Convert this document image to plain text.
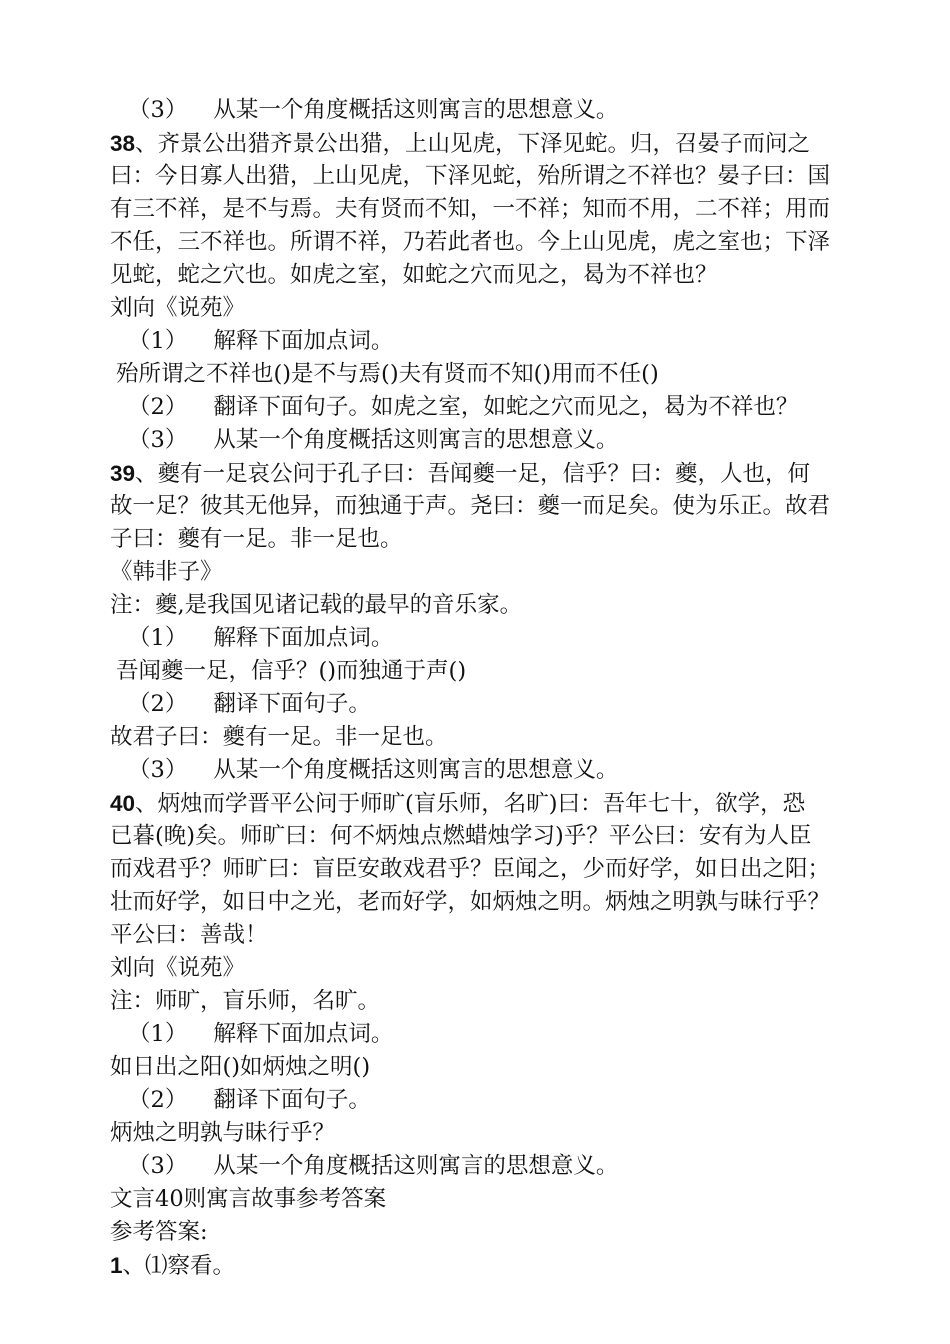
（3） 从某一个角度概括这则寓言的思想意义。
38、齐景公出猎齐景公出猎，上山见虎，下泽见蛇。归，召晏子而问之
曰：今日寡人出猎，上山见虎，下泽见蛇，殆所谓之不祥也？晏子曰：国
有三不祥，是不与焉。夫有贤而不知，一不祥；知而不用，二不祥；用而
不任，三不祥也。所谓不祥，乃若此者也。今上山见虎，虎之室也；下泽
见蛇，蛇之穴也。如虎之室，如蛇之穴而见之，曷为不祥也？
刘向《说苑》
（1） 解释下面加点词。
殆所谓之不祥也()是不与焉()夫有贤而不知()用而不任()
（2） 翻译下面句子。如虎之室，如蛇之穴而见之，曷为不祥也？
（3） 从某一个角度概括这则寓言的思想意义。
39、夔有一足哀公问于孔子曰：吾闻夔一足，信乎？曰：夔，人也，何
故一足？彼其无他异，而独通于声。尧曰：夔一而足矣。使为乐正。故君
子曰：夔有一足。非一足也。
《韩非子》
注：夔,是我国见诸记载的最早的音乐家。
（1） 解释下面加点词。
吾闻夔一足，信乎？()而独通于声()
（2） 翻译下面句子。
故君子曰：夔有一足。非一足也。
（3） 从某一个角度概括这则寓言的思想意义。
40、炳烛而学晋平公问于师旷(盲乐师，名旷)曰：吾年七十，欲学，恐
已暮(晚)矣。师旷曰：何不炳烛点燃蜡烛学习)乎？平公曰：安有为人臣
而戏君乎？师旷曰：盲臣安敢戏君乎？臣闻之，少而好学，如日出之阳；
壮而好学，如日中之光，老而好学，如炳烛之明。炳烛之明孰与昧行乎？
平公曰：善哉！
刘向《说苑》
注：师旷，盲乐师，名旷。
（1） 解释下面加点词。
如日出之阳()如炳烛之明()
（2） 翻译下面句子。
炳烛之明孰与昧行乎？
（3） 从某一个角度概括这则寓言的思想意义。
文言40则寓言故事参考答案
参考答案:
1、⑴察看。
